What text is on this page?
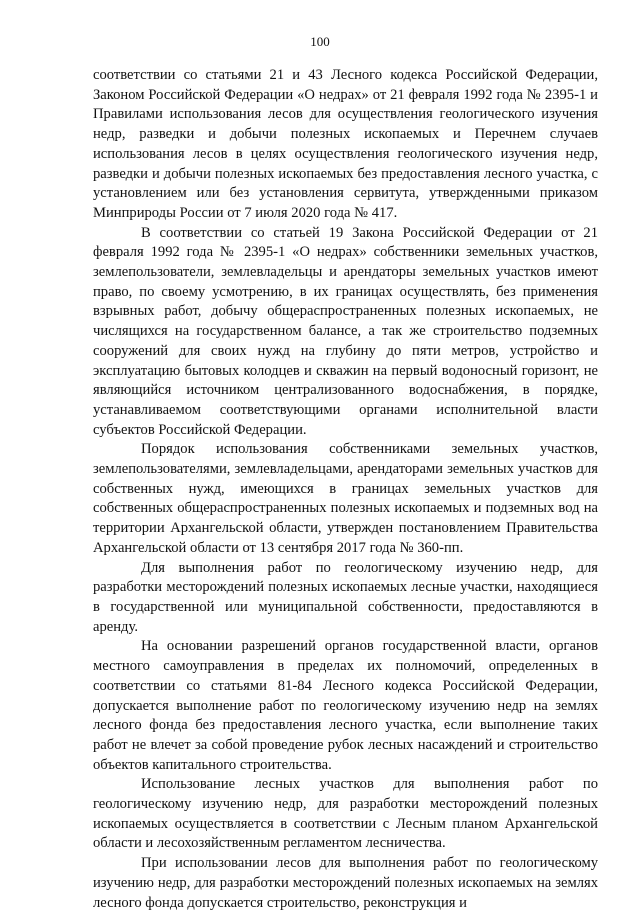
100

соответствии со статьями 21 и 43 Лесного кодекса Российской Федерации, Законом Российской Федерации «О недрах» от 21 февраля 1992 года № 2395-1 и Правилами использования лесов для осуществления геологического изучения недр, разведки и добычи полезных ископаемых и Перечнем случаев использования лесов в целях осуществления геологического изучения недр, разведки и добычи полезных ископаемых без предоставления лесного участка, с установлением или без установления сервитута, утвержденными приказом Минприроды России от 7 июля 2020 года № 417.

В соответствии со статьей 19 Закона Российской Федерации от 21 февраля 1992 года № 2395-1 «О недрах» собственники земельных участков, землепользователи, землевладельцы и арендаторы земельных участков имеют право, по своему усмотрению, в их границах осуществлять, без применения взрывных работ, добычу общераспространенных полезных ископаемых, не числящихся на государственном балансе, а так же строительство подземных сооружений для своих нужд на глубину до пяти метров, устройство и эксплуатацию бытовых колодцев и скважин на первый водоносный горизонт, не являющийся источником централизованного водоснабжения, в порядке, устанавливаемом соответствующими органами исполнительной власти субъектов Российской Федерации.

Порядок использования собственниками земельных участков, землепользователями, землевладельцами, арендаторами земельных участков для собственных нужд, имеющихся в границах земельных участков для собственных общераспространенных полезных ископаемых и подземных вод на территории Архангельской области, утвержден постановлением Правительства Архангельской области от 13 сентября 2017 года № 360-пп.

Для выполнения работ по геологическому изучению недр, для разработки месторождений полезных ископаемых лесные участки, находящиеся в государственной или муниципальной собственности, предоставляются в аренду.

На основании разрешений органов государственной власти, органов местного самоуправления в пределах их полномочий, определенных в соответствии со статьями 81-84 Лесного кодекса Российской Федерации, допускается выполнение работ по геологическому изучению недр на землях лесного фонда без предоставления лесного участка, если выполнение таких работ не влечет за собой проведение рубок лесных насаждений и строительство объектов капитального строительства.

Использование лесных участков для выполнения работ по геологическому изучению недр, для разработки месторождений полезных ископаемых осуществляется в соответствии с Лесным планом Архангельской области и лесохозяйственным регламентом лесничества.

При использовании лесов для выполнения работ по геологическому изучению недр, для разработки месторождений полезных ископаемых на землях лесного фонда допускается строительство, реконструкция и
